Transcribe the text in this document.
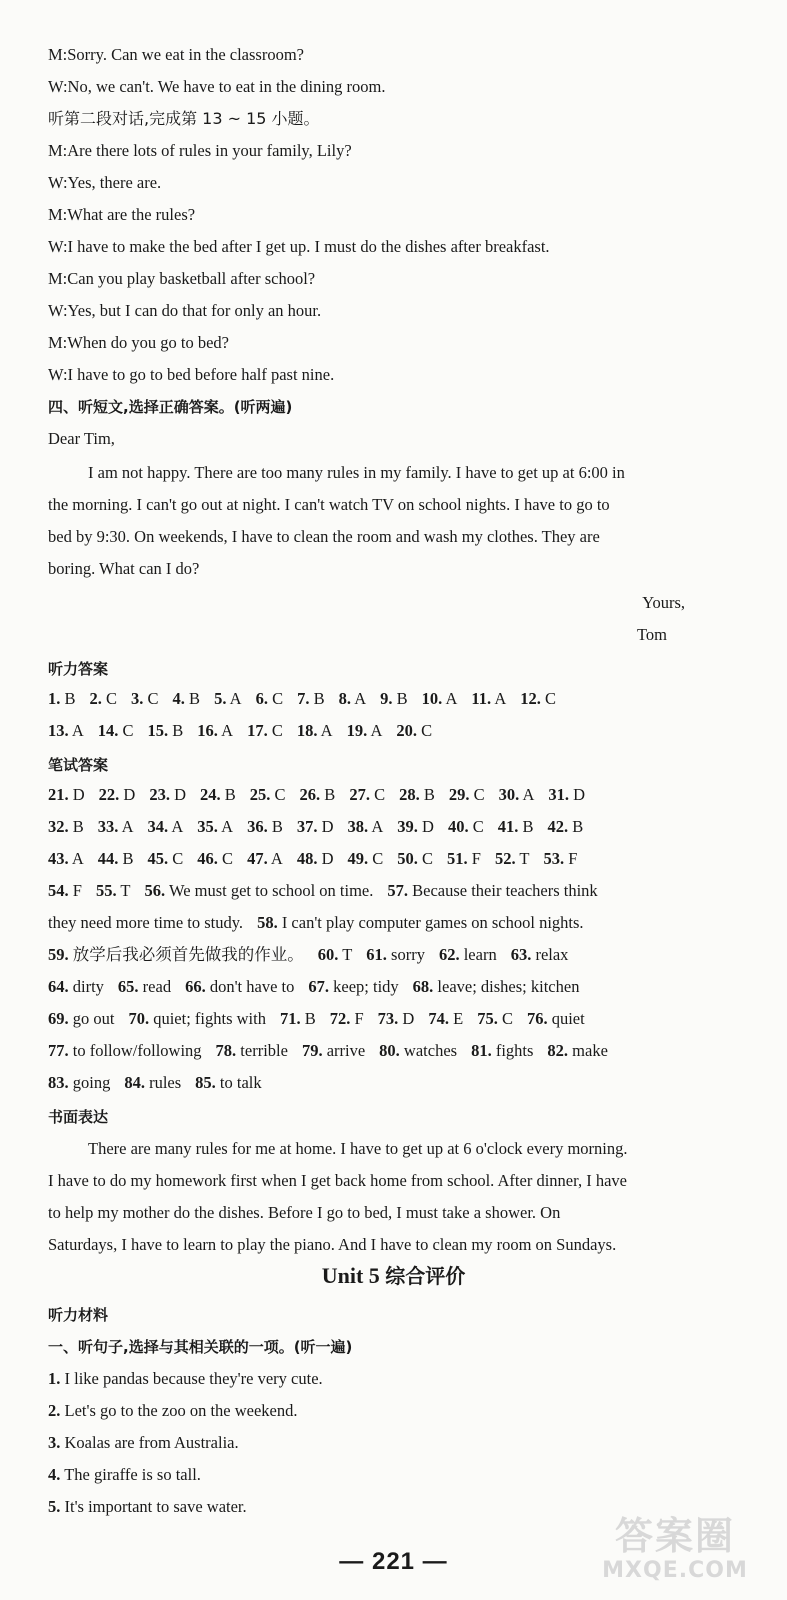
M:Sorry. Can we eat in the classroom?
W:No, we can't. We have to eat in the dining room.
听第二段对话,完成第 13 ~ 15 小题。
M:Are there lots of rules in your family, Lily?
W:Yes, there are.
M:What are the rules?
W:I have to make the bed after I get up. I must do the dishes after breakfast.
M:Can you play basketball after school?
W:Yes, but I can do that for only an hour.
M:When do you go to bed?
W:I have to go to bed before half past nine.
四、听短文,选择正确答案。(听两遍)
Dear Tim,
I am not happy. There are too many rules in my family. I have to get up at 6:00 in
the morning. I can't go out at night. I can't watch TV on school nights. I have to go to
bed by 9:30. On weekends, I have to clean the room and wash my clothes. They are
boring. What can I do?
Yours,
Tom
听力答案
1. B 2. C 3. C 4. B 5. A 6. C 7. B 8. A 9. B 10. A 11. A 12. C
13. A 14. C 15. B 16. A 17. C 18. A 19. A 20. C
笔试答案
21. D 22. D 23. D 24. B 25. C 26. B 27. C 28. B 29. C 30. A 31. D
32. B 33. A 34. A 35. A 36. B 37. D 38. A 39. D 40. C 41. B 42. B
43. A 44. B 45. C 46. C 47. A 48. D 49. C 50. C 51. F 52. T 53. F
54. F 55. T 56. We must get to school on time. 57. Because their teachers think
they need more time to study. 58. I can't play computer games on school nights.
59. 放学后我必须首先做我的作业。 60. T 61. sorry 62. learn 63. relax
64. dirty 65. read 66. don't have to 67. keep; tidy 68. leave; dishes; kitchen
69. go out 70. quiet; fights with 71. B 72. F 73. D 74. E 75. C 76. quiet
77. to follow/following 78. terrible 79. arrive 80. watches 81. fights 82. make
83. going 84. rules 85. to talk
书面表达
There are many rules for me at home. I have to get up at 6 o'clock every morning.
I have to do my homework first when I get back home from school. After dinner, I have
to help my mother do the dishes. Before I go to bed, I must take a shower. On
Saturdays, I have to learn to play the piano. And I have to clean my room on Sundays.
Unit 5 综合评价
听力材料
一、听句子,选择与其相关联的一项。(听一遍)
1. I like pandas because they're very cute.
2. Let's go to the zoo on the weekend.
3. Koalas are from Australia.
4. The giraffe is so tall.
5. It's important to save water.
— 221 —
答案圈
MXQE.COM
